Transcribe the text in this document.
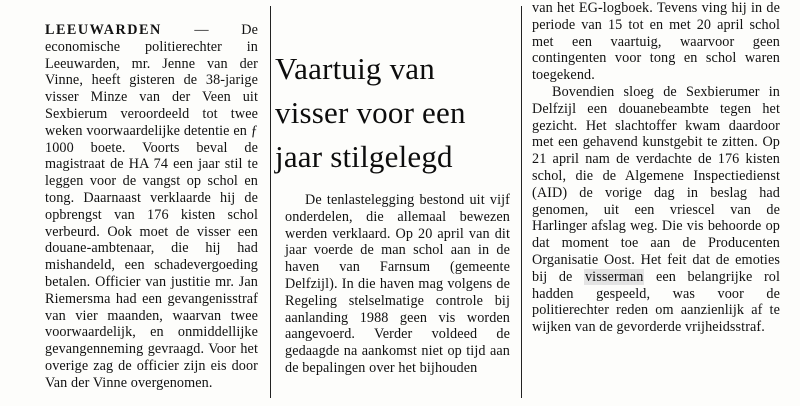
LEEUWARDEN — De economische politierechter in Leeuwarden, mr. Jenne van der Vinne, heeft gisteren de 38-jarige visser Minze van der Veen uit Sexbierum veroordeeld tot twee weken voorwaardelijke detentie en ƒ 1000 boete. Voorts beval de magistraat de HA 74 een jaar stil te leggen voor de vangst op schol en tong. Daarnaast verklaarde hij de opbrengst van 176 kisten schol verbeurd. Ook moet de visser een douane-ambtenaar, die hij had mishandeld, een schadevergoeding betalen. Officier van justitie mr. Jan Riemersma had een gevangenisstraf van vier maanden, waarvan twee voorwaardelijk, en onmiddellijke gevangenneming gevraagd. Voor het overige zag de officier zijn eis door Van der Vinne overgenomen.

Vaartuig van visser voor een jaar stilgelegd

De tenlastelegging bestond uit vijf onderdelen, die allemaal bewezen werden verklaard. Op 20 april van dit jaar voerde de man schol aan in de haven van Farnsum (gemeente Delfzijl). In die haven mag volgens de Regeling stelselmatige controle bij aanlanding 1988 geen vis worden aangevoerd. Verder voldeed de gedaagde na aankomst niet op tijd aan de bepalingen over het bijhouden

van het EG-logboek. Tevens ving hij in de periode van 15 tot en met 20 april schol met een vaartuig, waarvoor geen contingenten voor tong en schol waren toegekend.

Bovendien sloeg de Sexbierumer in Delfzijl een douanebeambte tegen het gezicht. Het slachtoffer kwam daardoor met een gehavend kunstgebit te zitten. Op 21 april nam de verdachte de 176 kisten schol, die de Algemene Inspectiedienst (AID) de vorige dag in beslag had genomen, uit een vriescel van de Harlinger afslag weg. Die vis behoorde op dat moment toe aan de Producenten Organisatie Oost. Het feit dat de emoties bij de visserman een belangrijke rol hadden gespeeld, was voor de politierechter reden om aanzienlijk af te wijken van de gevorderde vrijheidsstraf.
